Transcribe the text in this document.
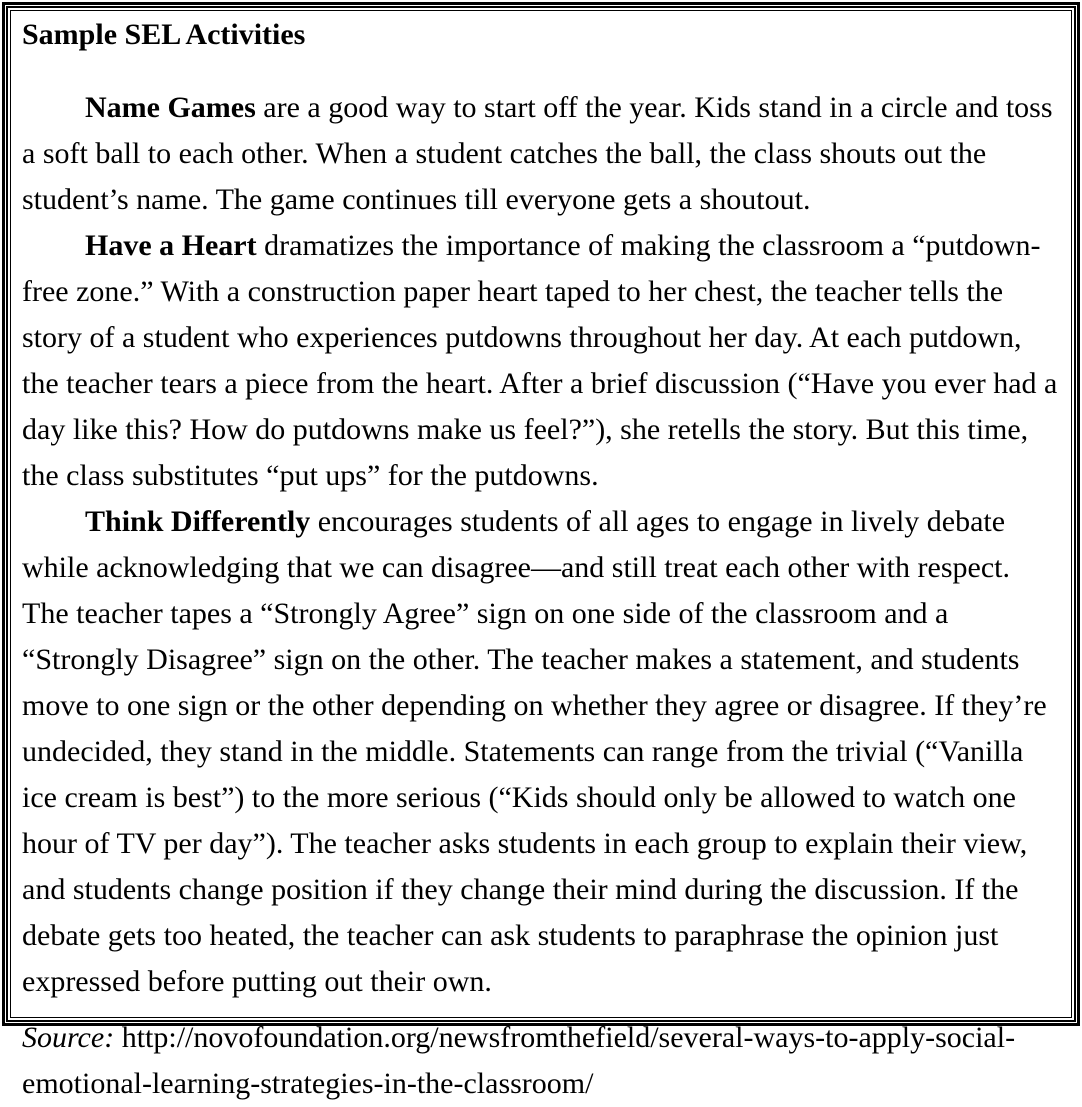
Sample SEL Activities

Name Games are a good way to start off the year. Kids stand in a circle and toss a soft ball to each other. When a student catches the ball, the class shouts out the student’s name. The game continues till everyone gets a shoutout.

Have a Heart dramatizes the importance of making the classroom a “putdown-free zone.” With a construction paper heart taped to her chest, the teacher tells the story of a student who experiences putdowns throughout her day. At each putdown, the teacher tears a piece from the heart. After a brief discussion (“Have you ever had a day like this? How do putdowns make us feel?”), she retells the story. But this time, the class substitutes “put ups” for the putdowns.

Think Differently encourages students of all ages to engage in lively debate while acknowledging that we can disagree—and still treat each other with respect. The teacher tapes a “Strongly Agree” sign on one side of the classroom and a “Strongly Disagree” sign on the other. The teacher makes a statement, and students move to one sign or the other depending on whether they agree or disagree. If they’re undecided, they stand in the middle. Statements can range from the trivial (“Vanilla ice cream is best”) to the more serious (“Kids should only be allowed to watch one hour of TV per day”). The teacher asks students in each group to explain their view, and students change position if they change their mind during the discussion. If the debate gets too heated, the teacher can ask students to paraphrase the opinion just expressed before putting out their own.

Source: http://novofoundation.org/newsfromthefield/several-ways-to-apply-social-emotional-learning-strategies-in-the-classroom/
